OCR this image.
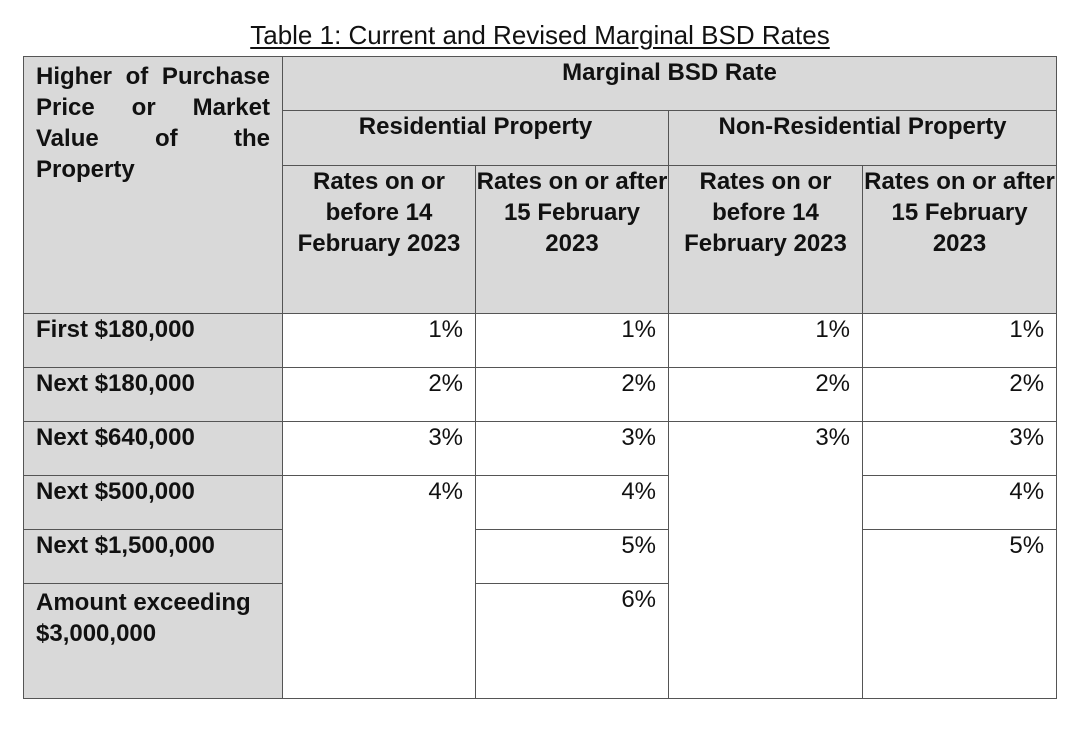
Table 1: Current and Revised Marginal BSD Rates
Higher of Purchase Price or Market Value of the Property	Marginal BSD Rate			
	Residential Property		Non-Residential Property	
	Rates on or before 14 February 2023	Rates on or after 15 February 2023	Rates on or before 14 February 2023	Rates on or after 15 February 2023
First $180,000	1%	1%	1%	1%
Next $180,000	2%	2%	2%	2%
Next $640,000	3%	3%	3%	3%
Next $500,000	4%	4%		4%
Next $1,500,000		5%		5%
Amount exceeding $3,000,000		6%		
